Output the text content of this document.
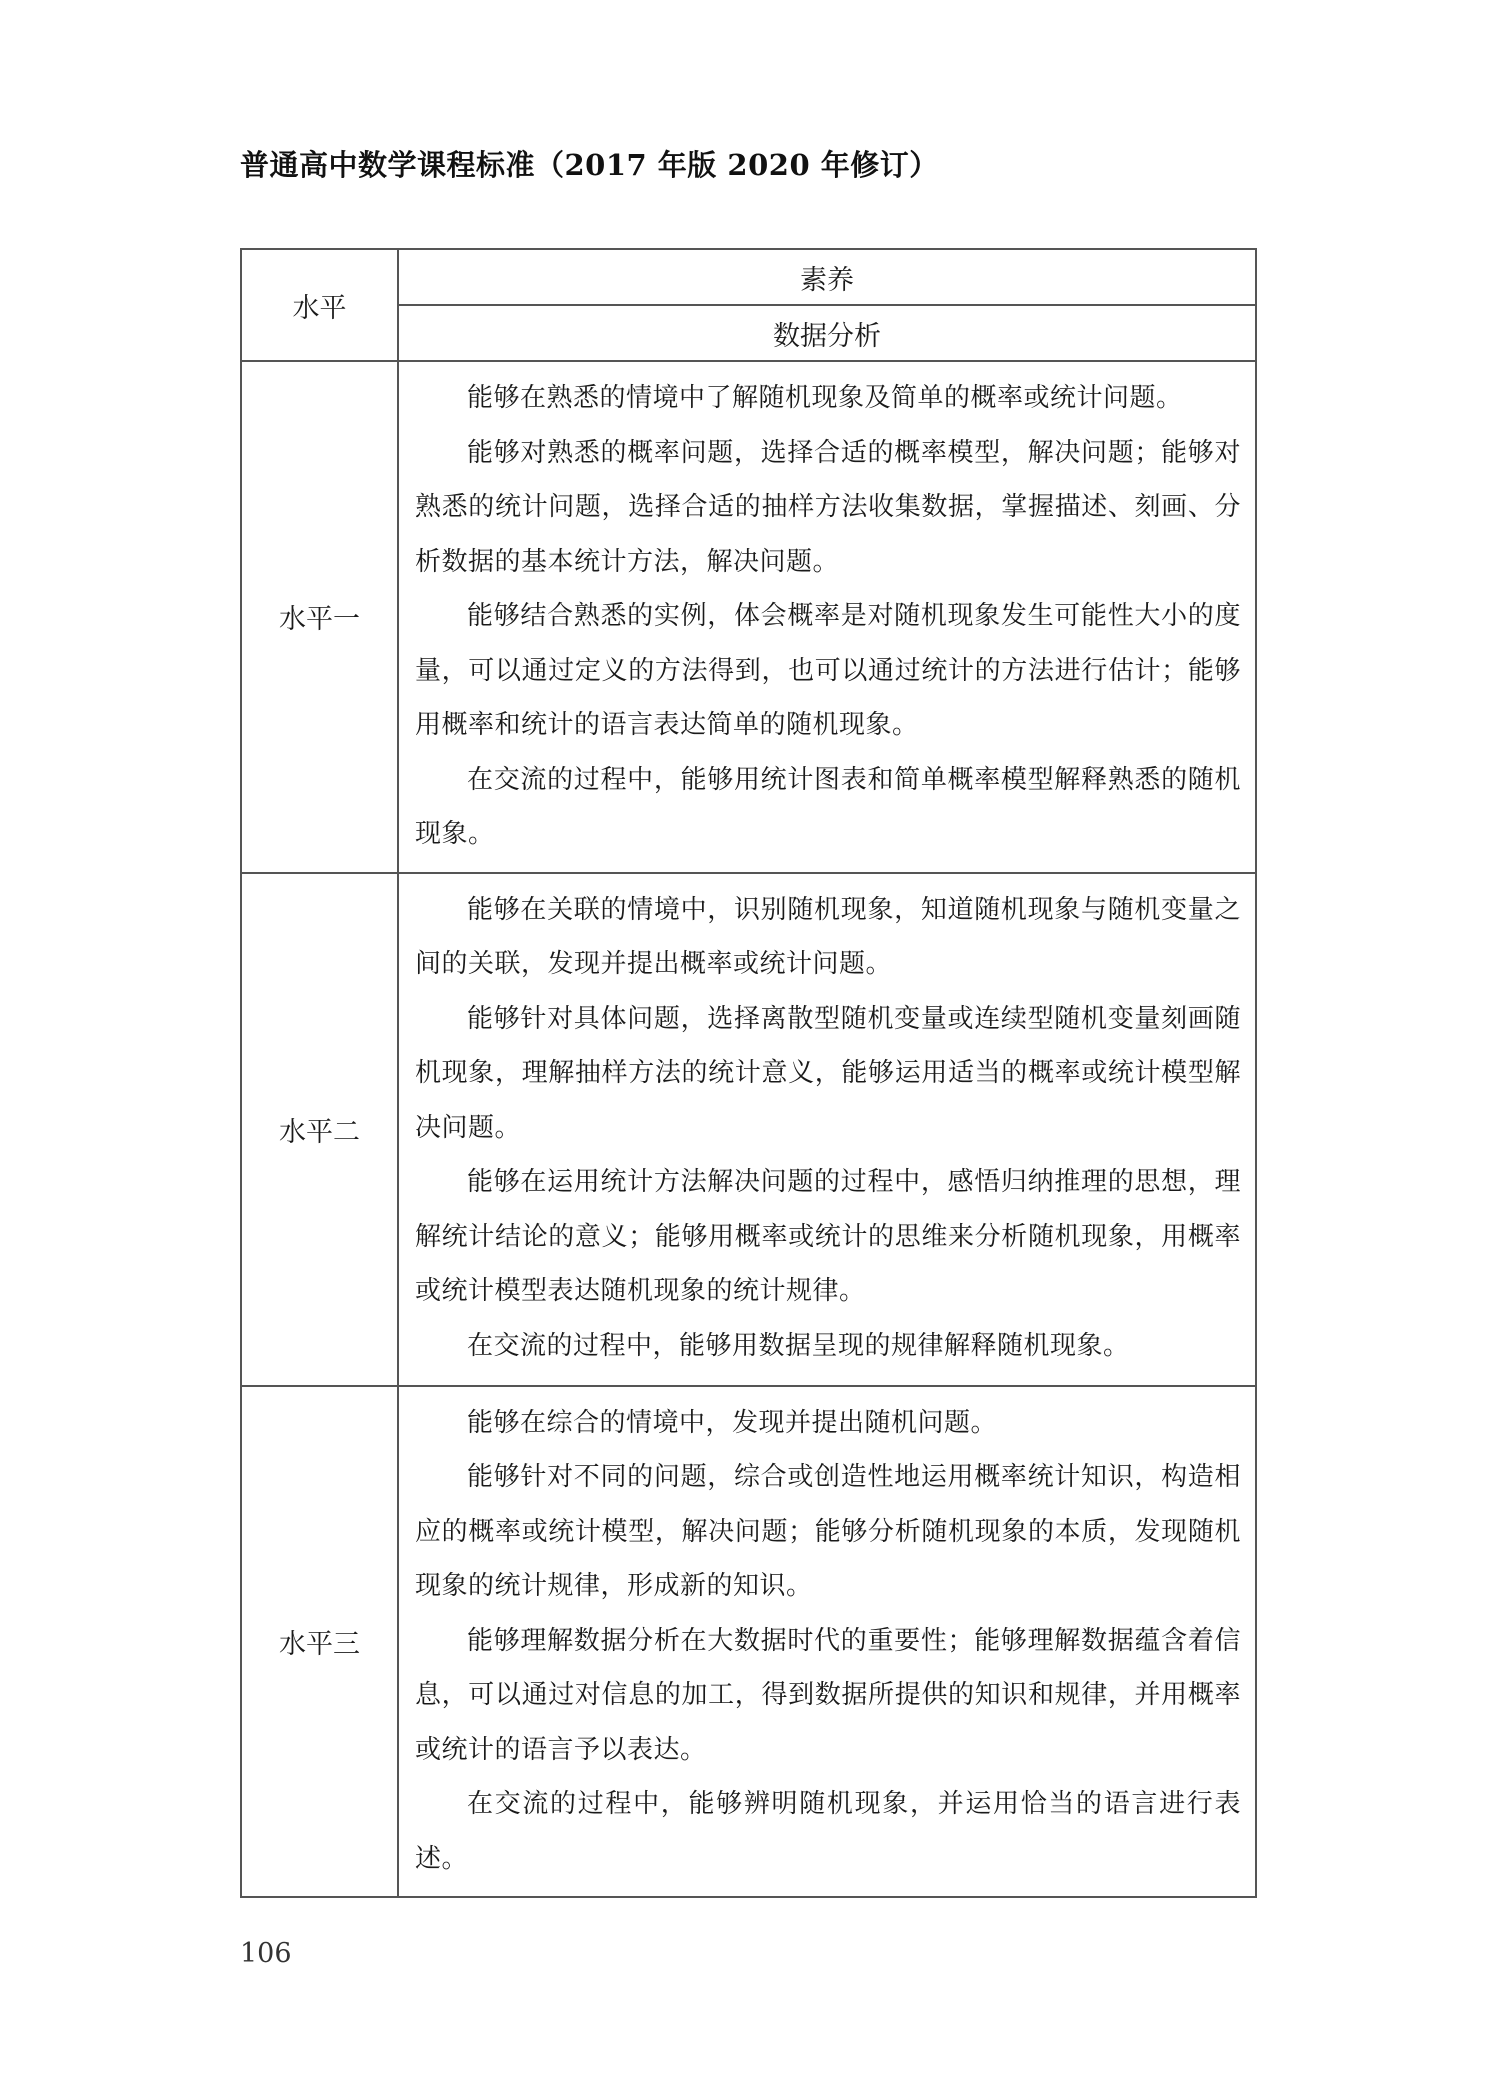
普通高中数学课程标准（2017 年版 2020 年修订）
水平	素养
	数据分析
水平一	能够在熟悉的情境中了解随机现象及简单的概率或统计问题。

能够对熟悉的概率问题，选择合适的概率模型，解决问题；能够对熟悉的统计问题，选择合适的抽样方法收集数据，掌握描述、刻画、分析数据的基本统计方法，解决问题。

能够结合熟悉的实例，体会概率是对随机现象发生可能性大小的度量，可以通过定义的方法得到，也可以通过统计的方法进行估计；能够用概率和统计的语言表达简单的随机现象。

在交流的过程中，能够用统计图表和简单概率模型解释熟悉的随机现象。

水平二	能够在关联的情境中，识别随机现象，知道随机现象与随机变量之间的关联，发现并提出概率或统计问题。

能够针对具体问题，选择离散型随机变量或连续型随机变量刻画随机现象，理解抽样方法的统计意义，能够运用适当的概率或统计模型解决问题。

能够在运用统计方法解决问题的过程中，感悟归纳推理的思想，理解统计结论的意义；能够用概率或统计的思维来分析随机现象，用概率或统计模型表达随机现象的统计规律。

在交流的过程中，能够用数据呈现的规律解释随机现象。

水平三	能够在综合的情境中，发现并提出随机问题。

能够针对不同的问题，综合或创造性地运用概率统计知识，构造相应的概率或统计模型，解决问题；能够分析随机现象的本质，发现随机现象的统计规律，形成新的知识。

能够理解数据分析在大数据时代的重要性；能够理解数据蕴含着信息，可以通过对信息的加工，得到数据所提供的知识和规律，并用概率或统计的语言予以表达。

在交流的过程中，能够辨明随机现象，并运用恰当的语言进行表述。

106
